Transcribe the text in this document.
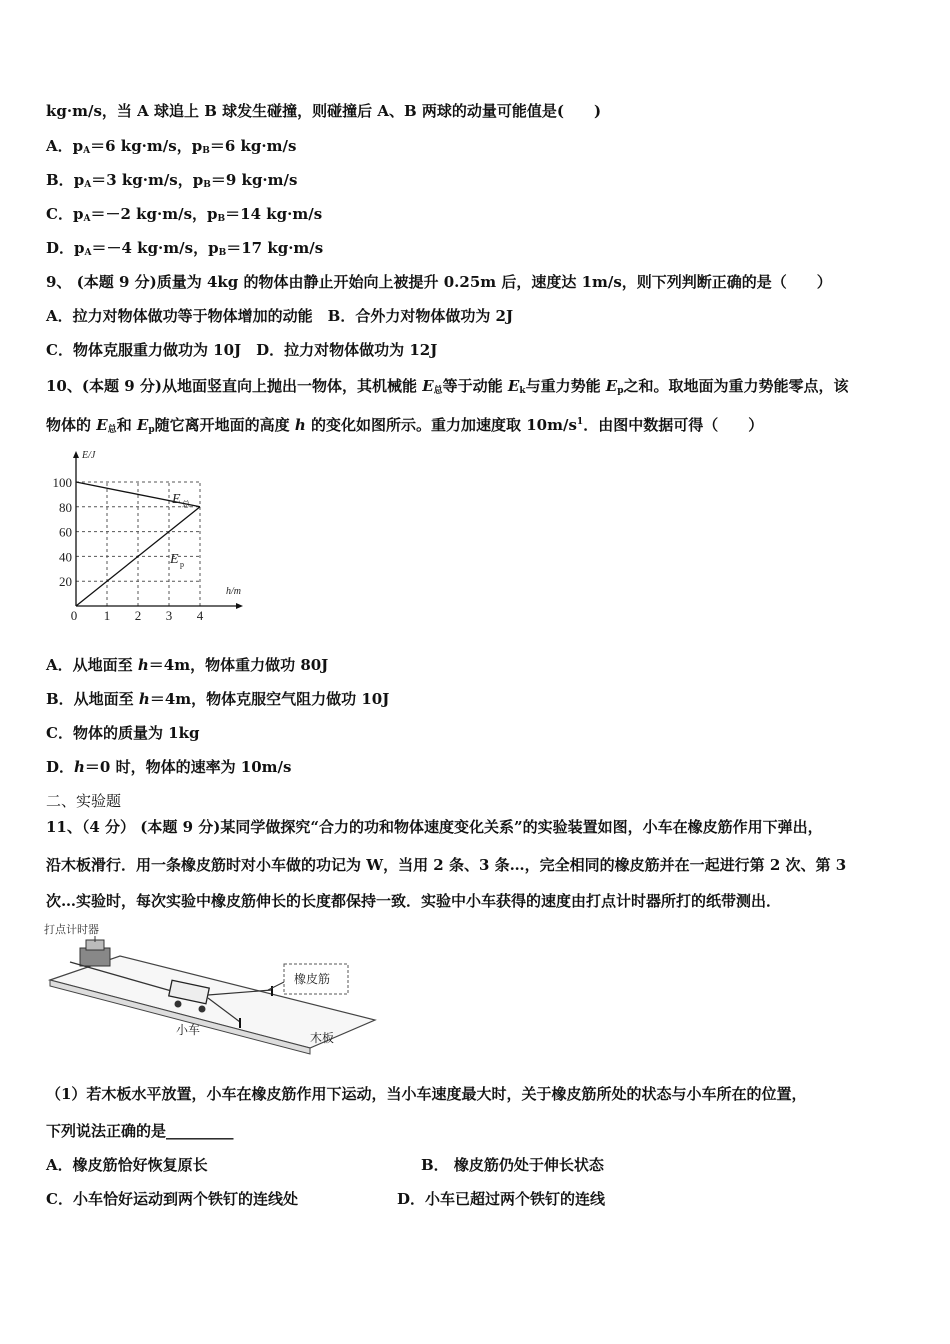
kg·m/s，当 A 球追上 B 球发生碰撞，则碰撞后 A、B 两球的动量可能值是(　　)
A．$p_A=6$ kg·m/s，$p_B=6$ kg·m/s
B．$p_A=3$ kg·m/s，$p_B=9$ kg·m/s
C．$p_A=-2$ kg·m/s，$p_B=14$ kg·m/s
D．$p_A=-4$ kg·m/s，$p_B=17$ kg·m/s
9、 (本题 9 分)质量为 4kg 的物体由静止开始向上被提升 0.25m 后，速度达 1m/s，则下列判断正确的是（　　）
A．拉力对物体做功等于物体增加的动能　B．合外力对物体做功为 2J
C．物体克服重力做功为 10J　D．拉力对物体做功为 12J
10、(本题 9 分)从地面竖直向上抛出一物体，其机械能 $E_总$等于动能 $E_k$与重力势能 $E_p$之和。取地面为重力势能零点，该
物体的 $E_总$和 $E_p$随它离开地面的高度 h 的变化如图所示。重力加速度取 $10m/s^1$．由图中数据可得（　　）
20
40
60
80
100
0 1 2 3 4
E/J
h/m
E 总
E p
A．从地面至 h＝4m，物体重力做功 80J
B．从地面至 h＝4m，物体克服空气阻力做功 10J
C．物体的质量为 1kg
D．h＝0 时，物体的速率为 10m/s
二、实验题
11、（4 分） (本题 9 分)某同学做探究“合力的功和物体速度变化关系”的实验装置如图，小车在橡皮筋作用下弹出，
沿木板滑行．用一条橡皮筋时对小车做的功记为 W，当用 2 条、3 条…，完全相同的橡皮筋并在一起进行第 2 次、第 3
次…实验时，每次实验中橡皮筋伸长的长度都保持一致．实验中小车获得的速度由打点计时器所打的纸带测出．
打点计时器
橡皮筋
小车
木板
（1）若木板水平放置，小车在橡皮筋作用下运动，当小车速度最大时，关于橡皮筋所处的状态与小车所在的位置，
下列说法正确的是_________
A．橡皮筋恰好恢复原长	B． 橡皮筋仍处于伸长状态
C．小车恰好运动到两个铁钉的连线处	D．小车已超过两个铁钉的连线
